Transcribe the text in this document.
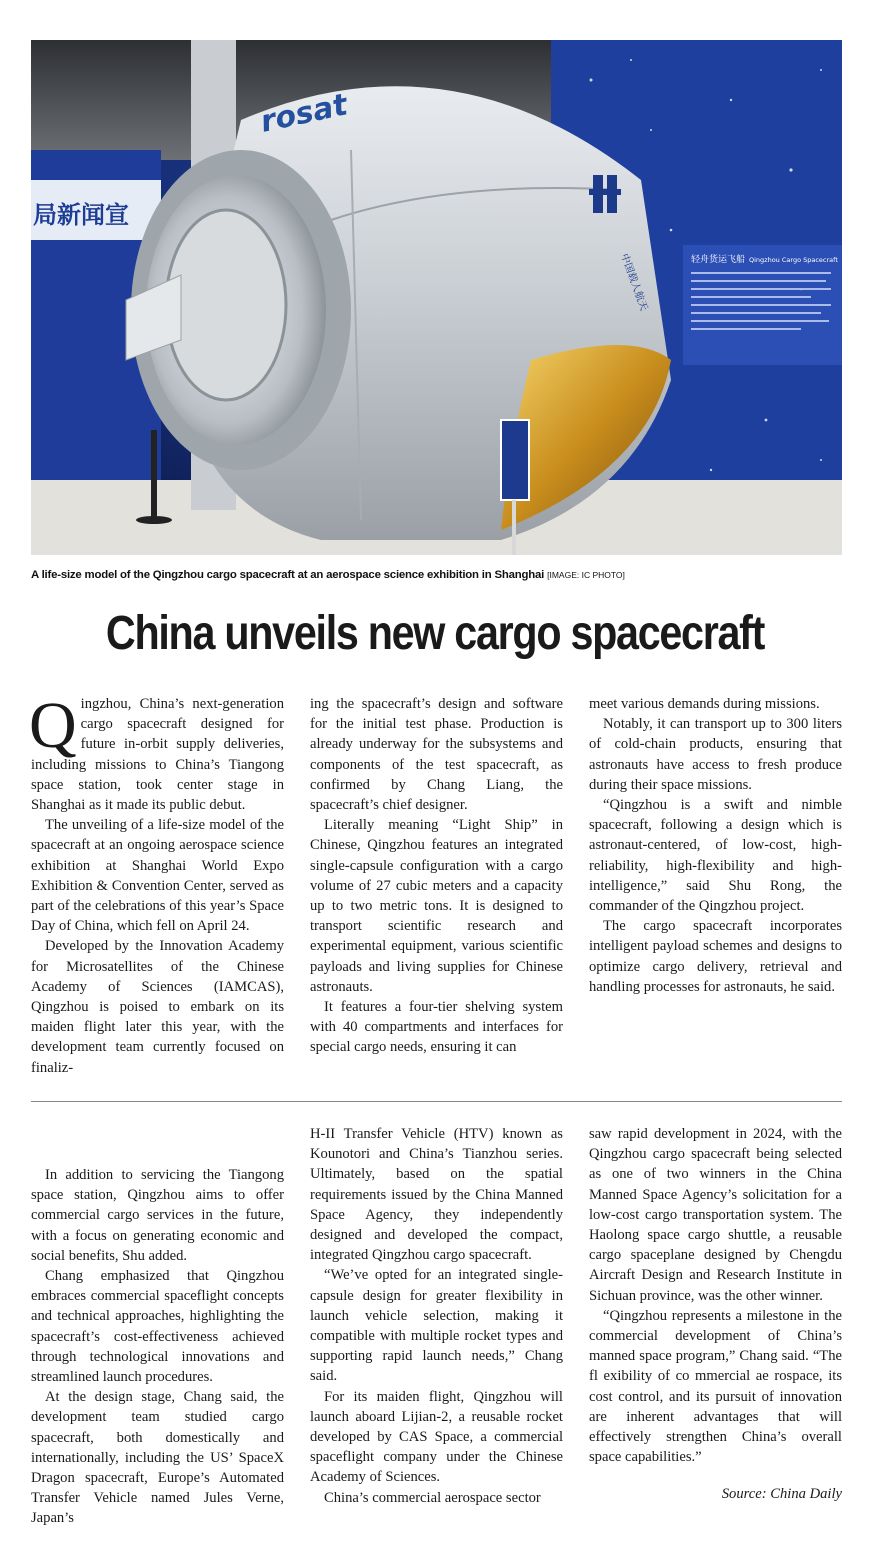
局新闻宣
轻舟货运飞船 Qingzhou Cargo Spacecraft
rosat
中国载人航天
A life-size model of the Qingzhou cargo spacecraft at an aerospace science exhibition in Shanghai [IMAGE: IC PHOTO]
China unveils new cargo spacecraft

Qingzhou, China’s next-generation cargo spacecraft designed for future in-orbit supply deliveries, including missions to China’s Tiangong space station, took center stage in Shanghai as it made its public debut.

The unveiling of a life-size model of the spacecraft at an ongoing aerospace science exhibition at Shanghai World Expo Exhibition & Convention Center, served as part of the celebrations of this year’s Space Day of China, which fell on April 24.

Developed by the Innovation Academy for Microsatellites of the Chinese Academy of Sciences (IAMCAS), Qingzhou is poised to embark on its maiden flight later this year, with the development team currently focused on finaliz-

ing the spacecraft’s design and software for the initial test phase. Production is already underway for the subsystems and components of the test spacecraft, as confirmed by Chang Liang, the spacecraft’s chief designer.

Literally meaning “Light Ship” in Chinese, Qingzhou features an integrated single-capsule configuration with a cargo volume of 27 cubic meters and a capacity up to two metric tons. It is designed to transport scientific research and experimental equipment, various scientific payloads and living supplies for Chinese astronauts.

It features a four-tier shelving system with 40 compartments and interfaces for special cargo needs, ensuring it can

meet various demands during missions.

Notably, it can transport up to 300 liters of cold-chain products, ensuring that astronauts have access to fresh produce during their space missions.

“Qingzhou is a swift and nimble spacecraft, following a design which is astronaut-centered, of low-cost, high-reliability, high-flexibility and high-intelligence,” said Shu Rong, the commander of the Qingzhou project.

The cargo spacecraft incorporates intelligent payload schemes and designs to optimize cargo delivery, retrieval and handling processes for astronauts, he said.

In addition to servicing the Tiangong space station, Qingzhou aims to offer commercial cargo services in the future, with a focus on generating economic and social benefits, Shu added.

Chang emphasized that Qingzhou embraces commercial spaceflight concepts and technical approaches, highlighting the spacecraft’s cost-effectiveness achieved through technological innovations and streamlined launch procedures.

At the design stage, Chang said, the development team studied cargo spacecraft, both domestically and internationally, including the US’ SpaceX Dragon spacecraft, Europe’s Automated Transfer Vehicle named Jules Verne, Japan’s

H-II Transfer Vehicle (HTV) known as Kounotori and China’s Tianzhou series. Ultimately, based on the spatial requirements issued by the China Manned Space Agency, they independently designed and developed the compact, integrated Qingzhou cargo spacecraft.

“We’ve opted for an integrated single-capsule design for greater flexibility in launch vehicle selection, making it compatible with multiple rocket types and supporting rapid launch needs,” Chang said.

For its maiden flight, Qingzhou will launch aboard Lijian-2, a reusable rocket developed by CAS Space, a commercial spaceflight company under the Chinese Academy of Sciences.

China’s commercial aerospace sector

saw rapid development in 2024, with the Qingzhou cargo spacecraft being selected as one of two winners in the China Manned Space Agency’s solicitation for a low-cost cargo transportation system. The Haolong space cargo shuttle, a reusable cargo spaceplane designed by Chengdu Aircraft Design and Research Institute in Sichuan province, was the other winner.

“Qingzhou represents a milestone in the commercial development of China’s manned space program,” Chang said. “The fl exibility of co mmercial ae rospace, its cost control, and its pursuit of innovation are inherent advantages that will effectively strengthen China’s overall space capabilities.”

Source: China Daily
